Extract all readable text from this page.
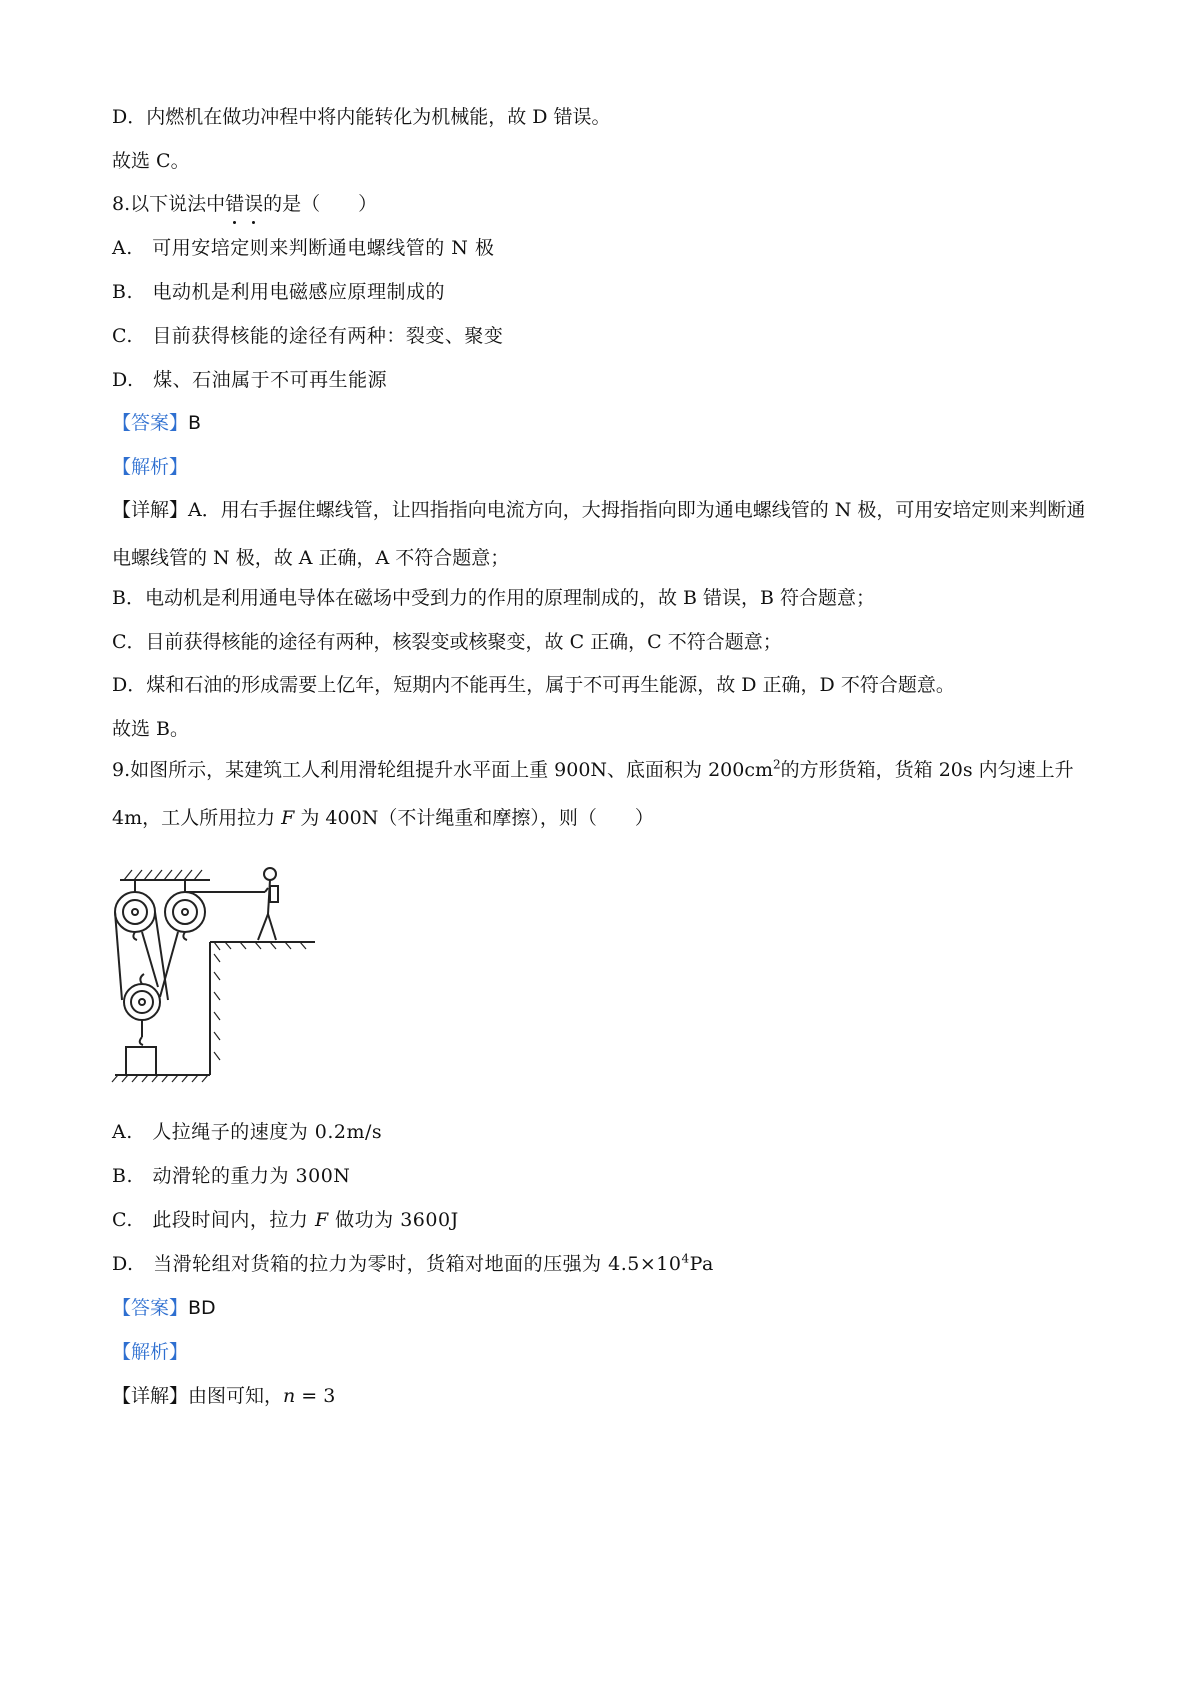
D．内燃机在做功冲程中将内能转化为机械能，故 D 错误。
故选 C。
8.以下说法中错误的是（　　）
A.　可用安培定则来判断通电螺线管的 N 极
B.　电动机是利用电磁感应原理制成的
C.　目前获得核能的途径有两种：裂变、聚变
D.　煤、石油属于不可再生能源
【答案】B
【解析】
【详解】A．用右手握住螺线管，让四指指向电流方向，大拇指指向即为通电螺线管的 N 极，可用安培定则来判断通电螺线管的 N 极，故 A 正确，A 不符合题意；
B．电动机是利用通电导体在磁场中受到力的作用的原理制成的，故 B 错误，B 符合题意；
C．目前获得核能的途径有两种，核裂变或核聚变，故 C 正确，C 不符合题意；
D．煤和石油的形成需要上亿年，短期内不能再生，属于不可再生能源，故 D 正确，D 不符合题意。
故选 B。
9.如图所示，某建筑工人利用滑轮组提升水平面上重 900N、底面积为 $200cm^2$的方形货箱，货箱 20s 内匀速上升 4m，工人所用拉力 F 为 400N（不计绳重和摩擦），则（　　）
A.　人拉绳子的速度为 0.2m/s
B.　动滑轮的重力为 300N
C.　此段时间内，拉力 F 做功为 3600J
D.　当滑轮组对货箱的拉力为零时，货箱对地面的压强为 $4.5\times 10^4Pa$
【答案】BD
【解析】
【详解】由图可知，n = 3
